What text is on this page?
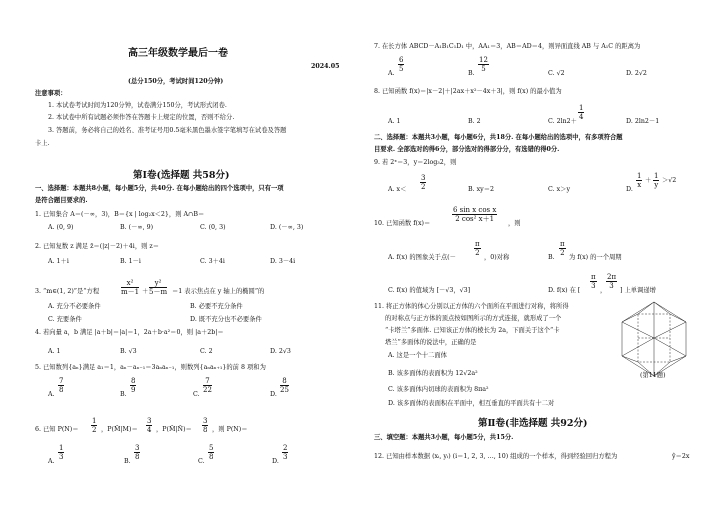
高三年级数学最后一卷
2024.05
(总分150分，考试时间120分钟)
注意事项：
1. 本试卷考试时间为120分钟，试卷满分150分，考试形式闭卷.
2. 本试卷中所有试题必须作答在答题卡上规定的位置，否则不给分.
3. 答题前，务必将自己的姓名、准考证号用0.5毫米黑色墨水签字笔填写在试卷及答题
卡上.
第Ⅰ卷(选择题 共58分)
一、选择题：本题共8小题，每小题5分，共40分. 在每小题给出的四个选项中，只有一项
是符合题目要求的.
1. 已知集合 A＝(－∞，3)，B＝{x | log₂x＜2}，则 A∩B＝
A. (0, 9)	B. (－∞, 9)	C. (0, 3)	D. (－∞, 3)
2. 已知复数 z 满足 z̄＝(|z|－2)＋4i，则 z＝
A. 1＋i	B. 1－i	C. 3＋4i	D. 3－4i
3. “m∈(1, 2)”是“方程	$\frac{\text{x²}}{m-1} + \frac{\text{y²}}{5-m} =1$ 表示焦点在 y 轴上的椭圆”的
A. 充分不必要条件	B. 必要不充分条件
C. 充要条件	D. 既不充分也不必要条件
4. 若向量 a，b 满足 |a＋b|＝|a|＝1，2a＋b·a²＝0，则 |a＋2b|＝
A. 1	B. √3	C. 2	D. 2√3
5. 已知数列{aₙ}满足 a₁＝1，aₙ－aₙ₋₁＝3aₙaₙ₋₁，则数列{aₙaₙ₊₁}的前 8 项和为
A.
$\frac{7}{8}$
B.
$\frac{8}{9}$
C.
$\frac{7}{22}$
D.
$\frac{8}{25}$
6. 已知 $P(N)= \frac{1}{2}$ ，P(M̄|M)＝ $\frac{3}{4}$ ，P(M̄|N̄)＝ $\frac{3}{8}$ ，则 P(N)＝
A.
$\frac{1}{3}$
B.
$\frac{3}{8}$
C.
$\frac{5}{8}$
D.
$\frac{2}{3}$
7. 在长方体 ABCD－A₁B₁C₁D₁ 中，AA₁＝3，AB＝AD＝4，则异面直线 AB 与 A₁C 的距离为
A.
$\frac{6}{5}$
B.
$\frac{12}{5}$
C. √2	D. 2√2
8. 已知函数 f(x)＝|x－2|＋|2ax＋x²－4x＋3|，则 f(x) 的最小值为
A. 1	B. 2	C. 2ln2＋
$\frac{1}{4}$
D. 2ln2－1
二、选择题：本题共3小题，每小题6分，共18分. 在每小题给出的选项中，有多项符合题
目要求. 全部选对的得6分，部分选对的得部分分，有选错的得0分.
9. 若 2ˣ＝3，y＝2log₃2，则
A. $x< \frac{3}{2}$	B. xy＝2	C. x＞y	D.
$\frac{1}{x} + \frac{1}{y} >√2$
10. 已知函数 f(x)＝
$\frac{\text{6 sin x cos x}}{\text{2 cos² x＋1}}$
，则
A. f(x) 的图象关于点(－
$\frac{\pi}{2}$
，0)对称	B.
$\frac{\pi}{2}$
为 f(x) 的一个周期
C. f(x) 的值域为 [－√3，√3]	D. f(x) 在 [
$\frac{\pi}{3}$
，
$\frac{2\pi}{3}$
] 上单调递增
11. 将正方体的体心分别以正方体的六个面所在平面进行对称，将所得
的对称点与正方体的顶点按如图所示的方式连接，就形成了一个
“卡塔兰”多面体. 已知该正方体的棱长为 2a，下面关于这个“卡
塔兰”多面体的说法中，正确的是
A. 这是一个十二面体
B. 该多面体的表面积为 12√2a²
C. 该多面体内切球的表面积为 8πa²
D. 该多面体的表面积在平面中，相互垂直的平面共有十二对
(第11题)
第Ⅱ卷(非选择题 共92分)
三、填空题：本题共3小题，每小题5分，共15分.
12. 已知由样本数据 (xᵢ, yᵢ) (i＝1, 2, 3, …, 10) 组成的一个样本，得到经验回归方程为	ŷ＝2x
